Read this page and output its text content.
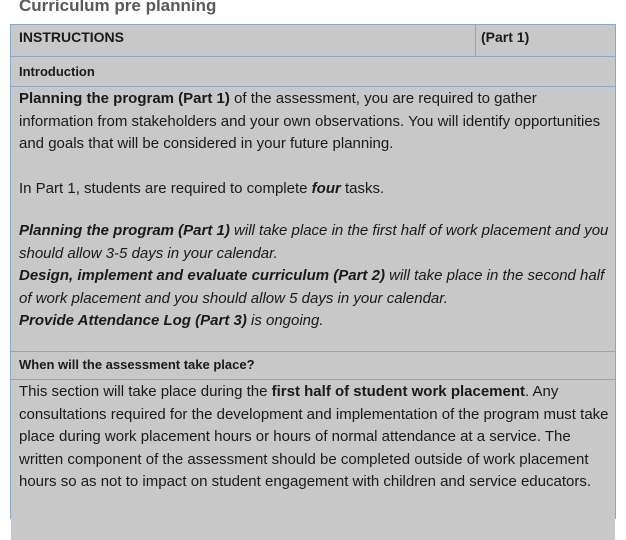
Curriculum pre planning
INSTRUCTIONS	(Part 1)
Introduction

Planning the program (Part 1) of the assessment, you are required to gather information from stakeholders and your own observations. You will identify opportunities and goals that will be considered in your future planning.

In Part 1, students are required to complete four tasks.

Planning the program (Part 1) will take place in the first half of work placement and you should allow 3-5 days in your calendar.

Design, implement and evaluate curriculum (Part 2) will take place in the second half of work placement and you should allow 5 days in your calendar.

Provide Attendance Log (Part 3) is ongoing.

When will the assessment take place?

This section will take place during the first half of student work placement. Any consultations required for the development and implementation of the program must take place during work placement hours or hours of normal attendance at a service. The written component of the assessment should be completed outside of work placement hours so as not to impact on student engagement with children and service educators.
